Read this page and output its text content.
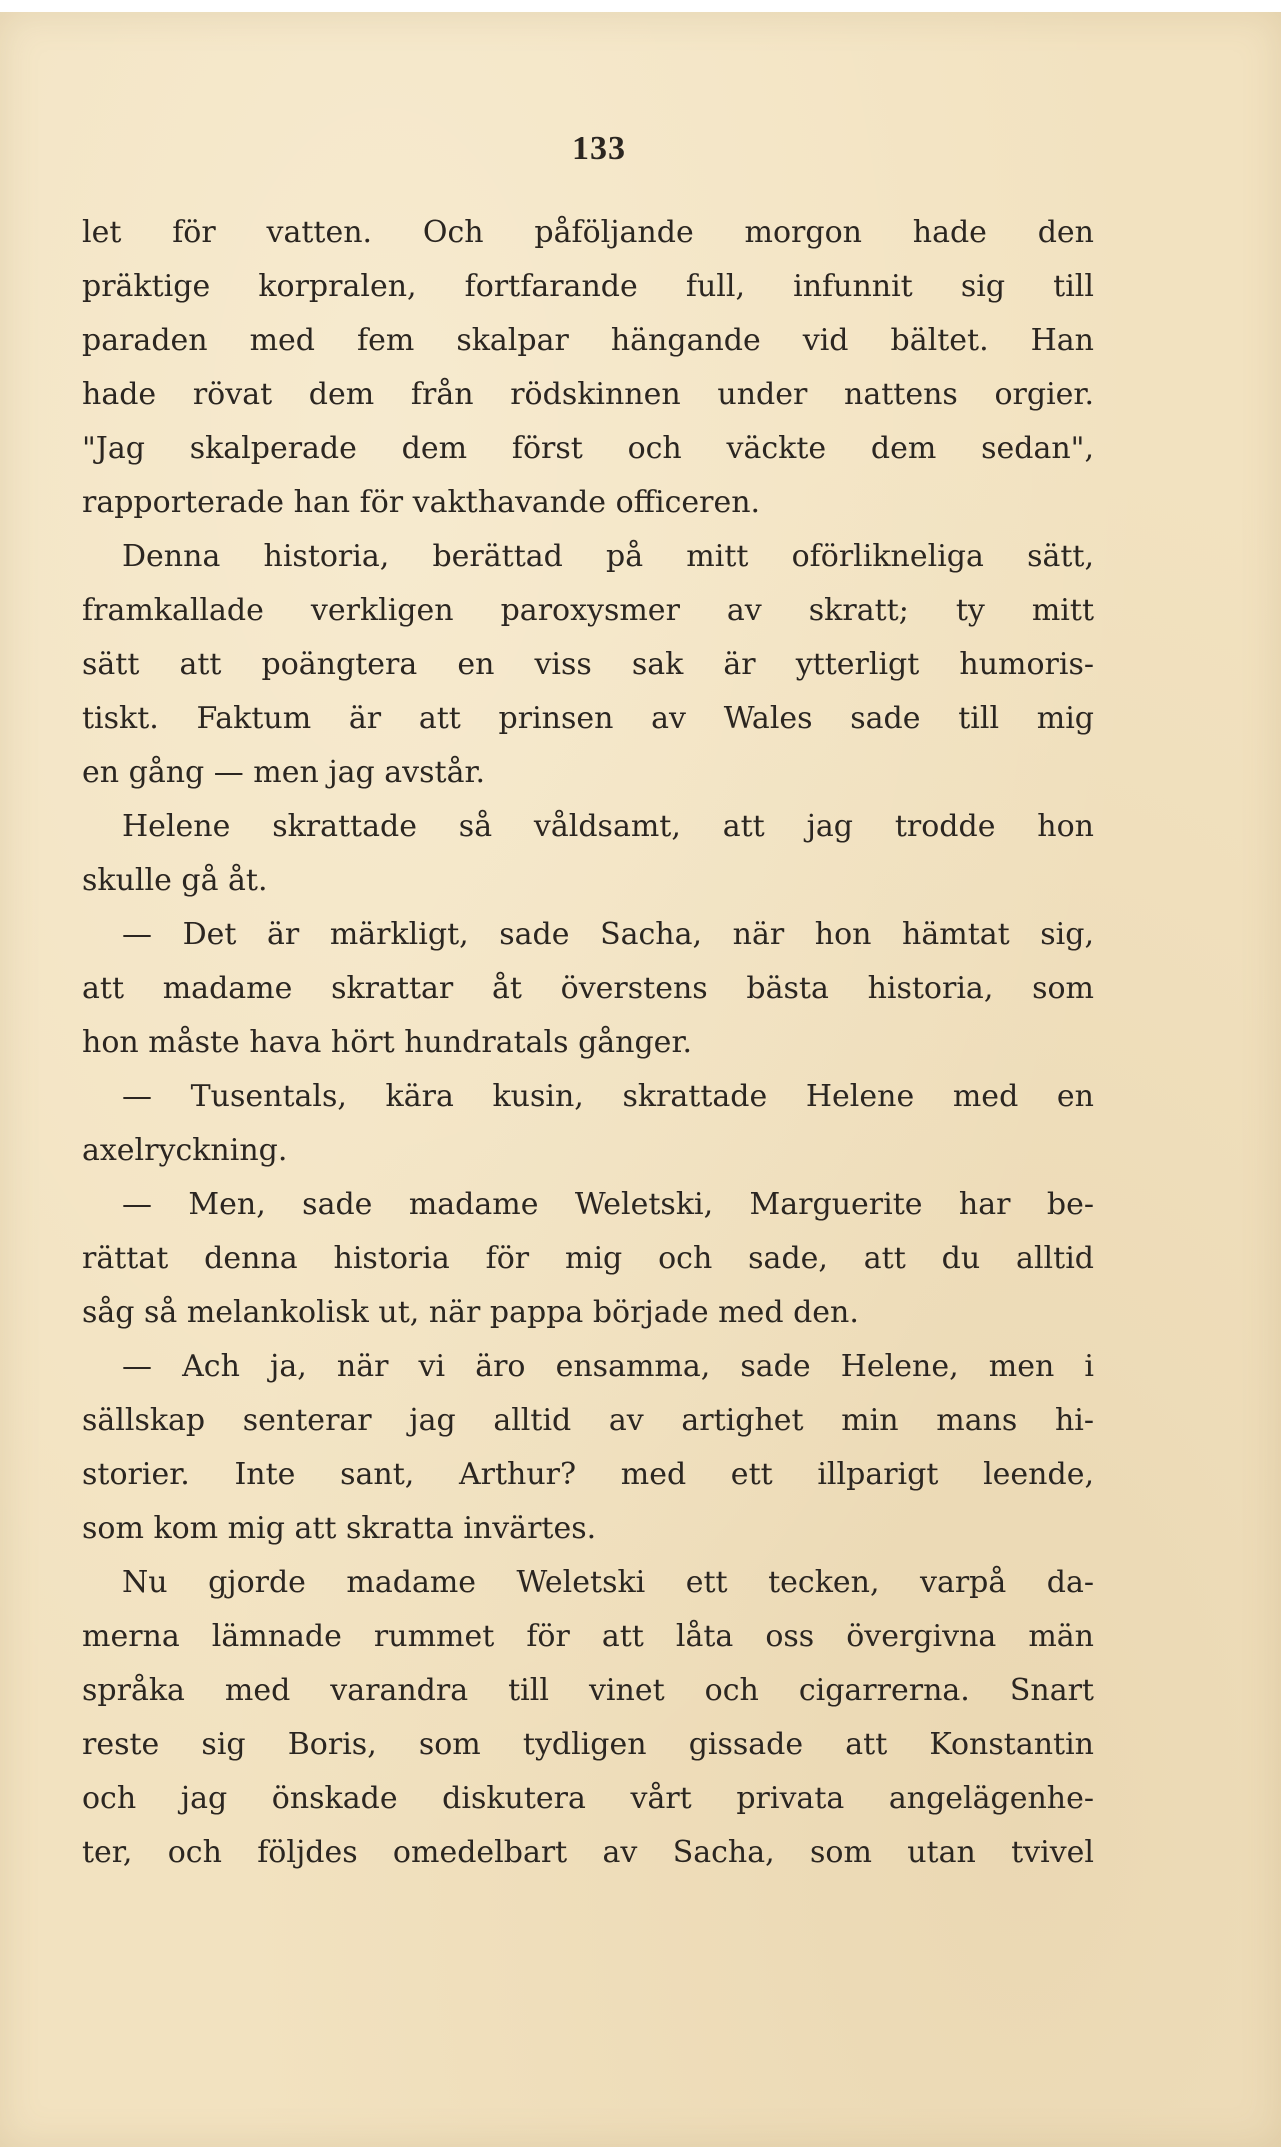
133

let för vatten. Och påföljande morgon hade den

präktige korpralen, fortfarande full, infunnit sig till

paraden med fem skalpar hängande vid bältet. Han

hade rövat dem från rödskinnen under nattens orgier.

"Jag skalperade dem först och väckte dem sedan",

rapporterade han för vakthavande officeren.

Denna historia, berättad på mitt oförlikneliga sätt,

framkallade verkligen paroxysmer av skratt; ty mitt

sätt att poängtera en viss sak är ytterligt humoris-

tiskt. Faktum är att prinsen av Wales sade till mig

en gång — men jag avstår.

Helene skrattade så våldsamt, att jag trodde hon

skulle gå åt.

— Det är märkligt, sade Sacha, när hon hämtat sig,

att madame skrattar åt överstens bästa historia, som

hon måste hava hört hundratals gånger.

— Tusentals, kära kusin, skrattade Helene med en

axelryckning.

— Men, sade madame Weletski, Marguerite har be-

rättat denna historia för mig och sade, att du alltid

såg så melankolisk ut, när pappa började med den.

— Ach ja, när vi äro ensamma, sade Helene, men i

sällskap senterar jag alltid av artighet min mans hi-

storier. Inte sant, Arthur? med ett illparigt leende,

som kom mig att skratta invärtes.

Nu gjorde madame Weletski ett tecken, varpå da-

merna lämnade rummet för att låta oss övergivna män

språka med varandra till vinet och cigarrerna. Snart

reste sig Boris, som tydligen gissade att Konstantin

och jag önskade diskutera vårt privata angelägenhe-

ter, och följdes omedelbart av Sacha, som utan tvivel
